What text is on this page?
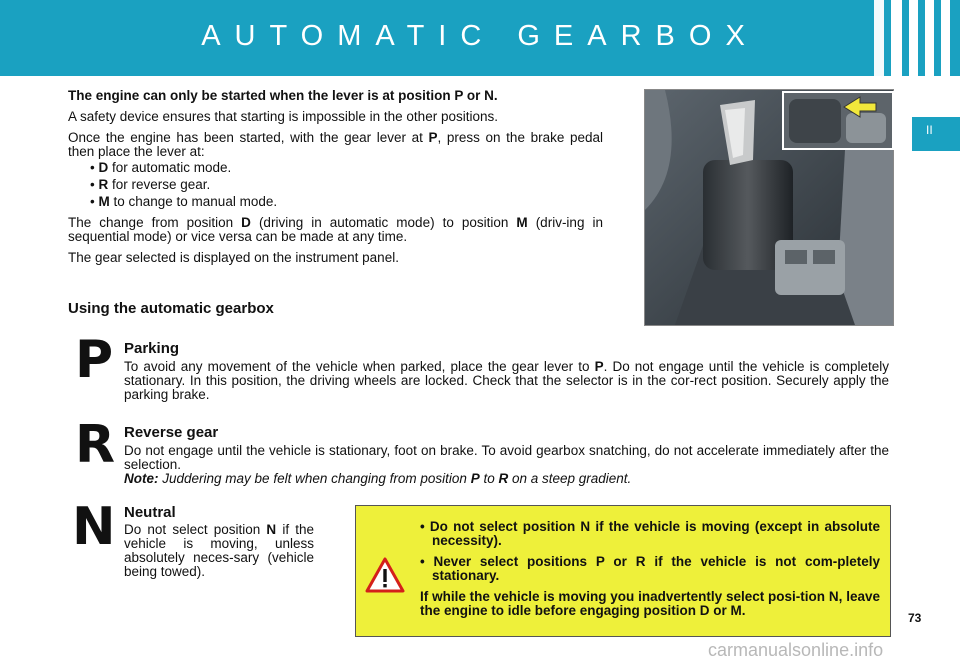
AUTOMATIC GEARBOX
II

The engine can only be started when the lever is at position P or N.

A safety device ensures that starting is impossible in the other positions.

Once the engine has been started, with the gear lever at P, press on the brake pedal then place the lever at:

• D for automatic mode.

• R for reverse gear.

• M to change to manual mode.

The change from position D (driving in automatic mode) to position M (driv-ing in sequential mode) or vice versa can be made at any time.

The gear selected is displayed on the instrument panel.

Using the automatic gearbox
P Parking

To avoid any movement of the vehicle when parked, place the gear lever to P. Do not engage until the vehicle is completely stationary. In this position, the driving wheels are locked. Check that the selector is in the cor-rect position. Securely apply the parking brake.

R Reverse gear

Do not engage until the vehicle is stationary, foot on brake. To avoid gearbox snatching, do not accelerate immediately after the selection.

Note: Juddering may be felt when changing from position P to R on a steep gradient.

N Neutral

Do not select position N if the vehicle is moving, unless absolutely neces-sary (vehicle being towed).

• Do not select position N if the vehicle is moving (except in absolute necessity).

• Never select positions P or R if the vehicle is not com-pletely stationary.

If while the vehicle is moving you inadvertently select posi-tion N, leave the engine to idle before engaging position D or M.	73
carmanualsonline.info
